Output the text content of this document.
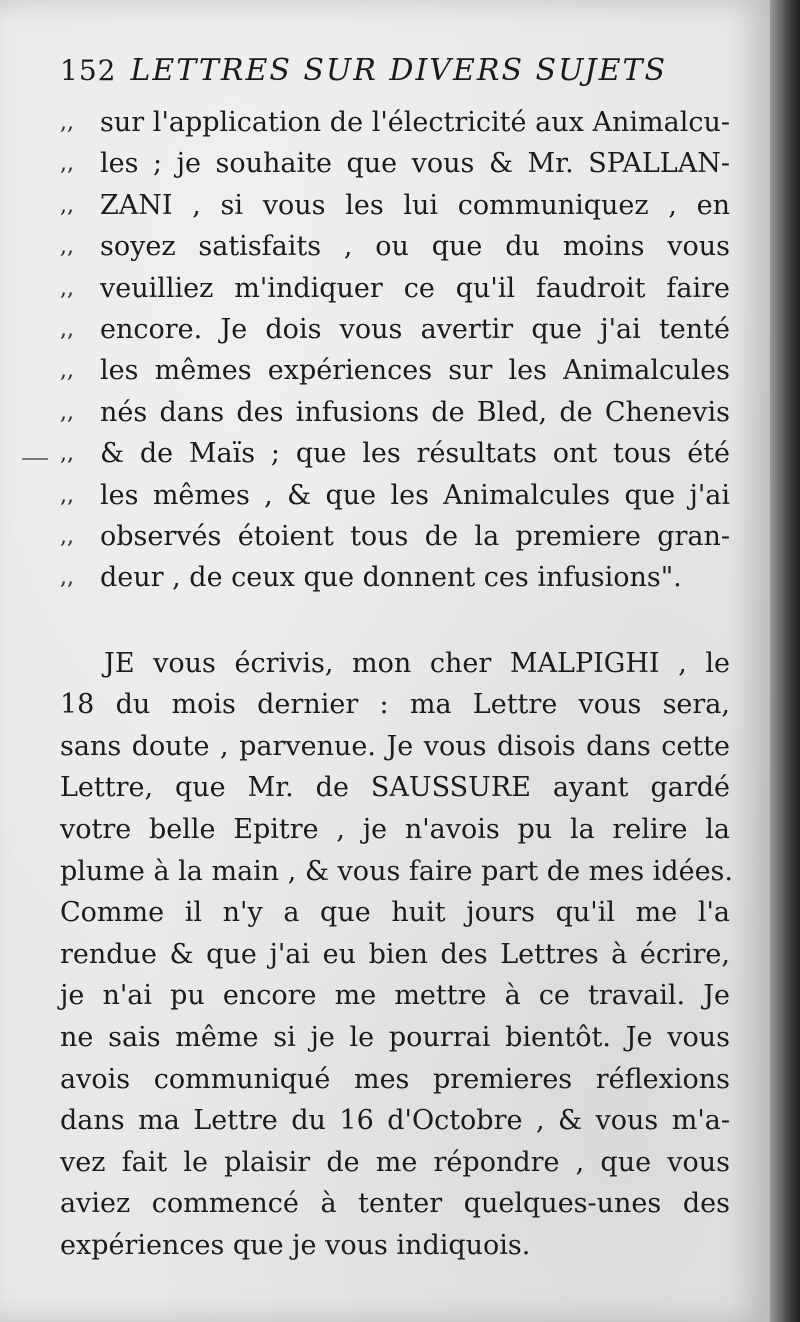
152 LETTRES SUR DIVERS SUJETS
,, sur l'application de l'électricité aux Animalcu-
,, les ; je souhaite que vous & Mr. SPALLAN-
,, ZANI , si vous les lui communiquez , en
,, soyez satisfaits , ou que du moins vous
,, veuilliez m'indiquer ce qu'il faudroit faire
,, encore. Je dois vous avertir que j'ai tenté
,, les mêmes expériences sur les Animalcules
,, nés dans des infusions de Bled, de Chenevis
,, & de Maïs ; que les résultats ont tous été
,, les mêmes , & que les Animalcules que j'ai
,, observés étoient tous de la premiere gran-
,, deur , de ceux que donnent ces infusions".
JE vous écrivis, mon cher MALPIGHI , le
18 du mois dernier : ma Lettre vous sera,
sans doute , parvenue. Je vous disois dans cette
Lettre, que Mr. de SAUSSURE ayant gardé
votre belle Epitre , je n'avois pu la relire la
plume à la main , & vous faire part de mes idées.
Comme il n'y a que huit jours qu'il me l'a
rendue & que j'ai eu bien des Lettres à écrire,
je n'ai pu encore me mettre à ce travail. Je
ne sais même si je le pourrai bientôt. Je vous
avois communiqué mes premieres réflexions
dans ma Lettre du 16 d'Octobre , & vous m'a-
vez fait le plaisir de me répondre , que vous
aviez commencé à tenter quelques-unes des
expériences que je vous indiquois.
